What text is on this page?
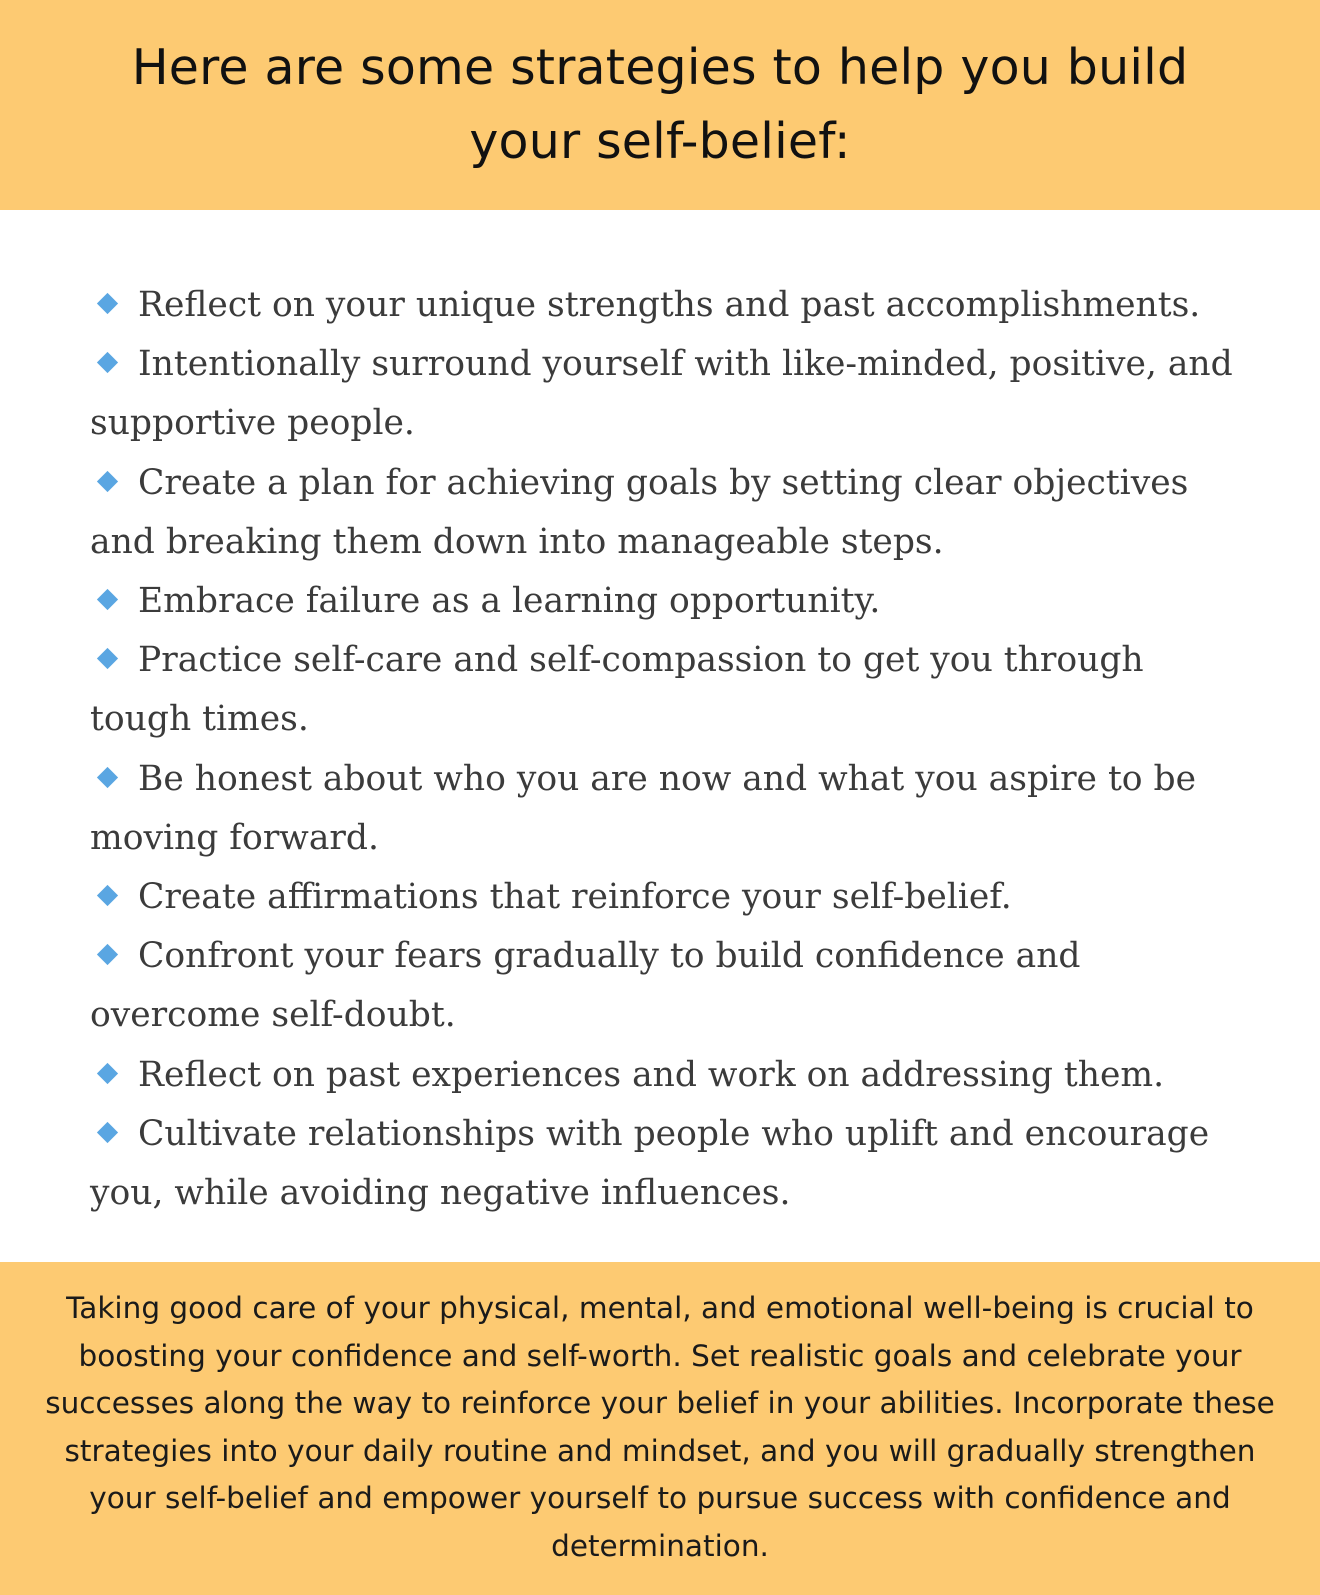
Here are some strategies to help you build your self-belief:

Reflect on your unique strengths and past accomplishments.

Intentionally surround yourself with like-minded, positive, and supportive people.

Create a plan for achieving goals by setting clear objectives and breaking them down into manageable steps.

Embrace failure as a learning opportunity.

Practice self-care and self-compassion to get you through tough times.

Be honest about who you are now and what you aspire to be moving forward.

Create affirmations that reinforce your self-belief.

Confront your fears gradually to build confidence and overcome self-doubt.

Reflect on past experiences and work on addressing them.

Cultivate relationships with people who uplift and encourage you, while avoiding negative influences.

Taking good care of your physical, mental, and emotional well-being is crucial to boosting your confidence and self-worth. Set realistic goals and celebrate your successes along the way to reinforce your belief in your abilities. Incorporate these strategies into your daily routine and mindset, and you will gradually strengthen your self-belief and empower yourself to pursue success with confidence and determination.
